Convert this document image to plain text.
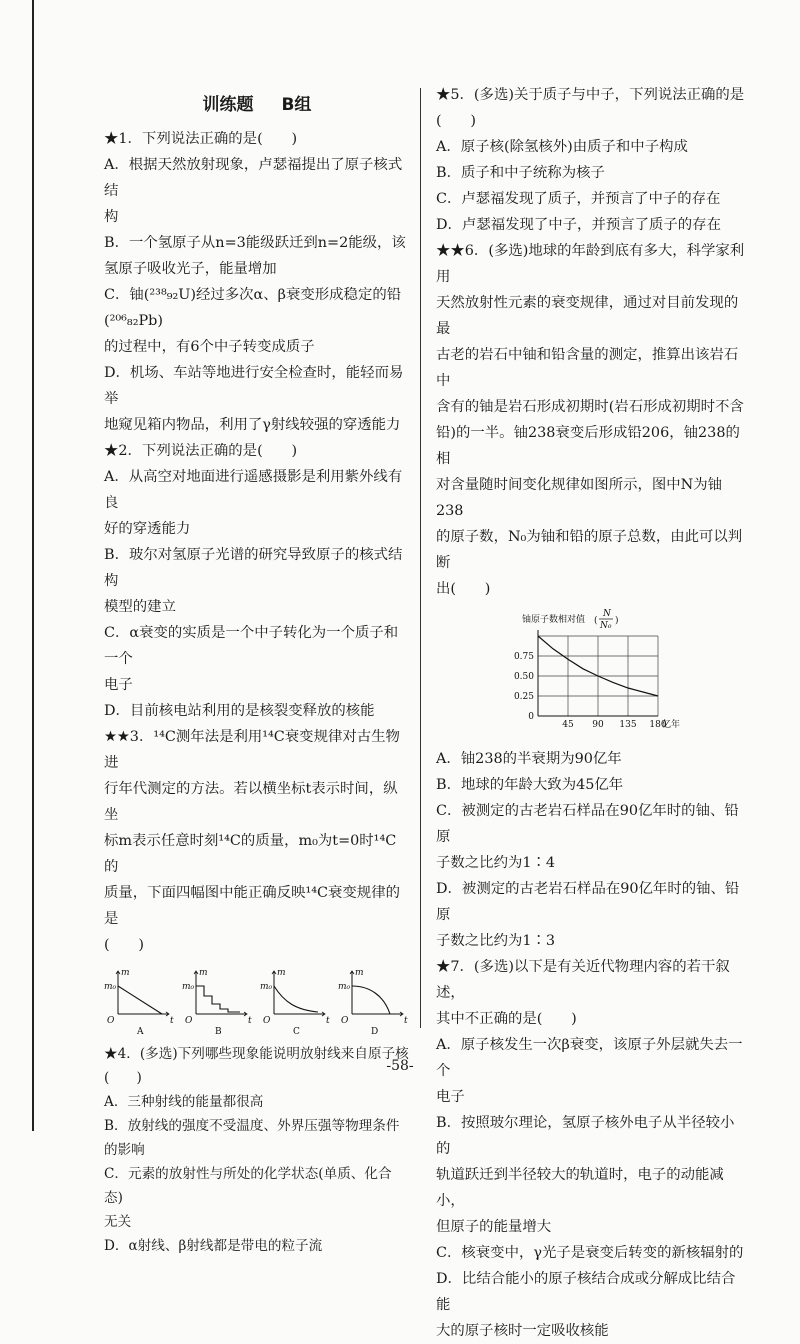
训练题 B组

★1．下列说法正确的是(　　)

A．根据天然放射现象，卢瑟福提出了原子核式结

构

B．一个氢原子从n=3能级跃迁到n=2能级，该

氢原子吸收光子，能量增加

C．铀(²³⁸₉₂U)经过多次α、β衰变形成稳定的铅(²⁰⁶₈₂Pb)

的过程中，有6个中子转变成质子

D．机场、车站等地进行安全检查时，能轻而易举

地窥见箱内物品，利用了γ射线较强的穿透能力

★2．下列说法正确的是(　　)

A．从高空对地面进行遥感摄影是利用紫外线有良

好的穿透能力

B．玻尔对氢原子光谱的研究导致原子的核式结构

模型的建立

C．α衰变的实质是一个中子转化为一个质子和一个

电子

D．目前核电站利用的是核裂变释放的核能

★★3．¹⁴C测年法是利用¹⁴C衰变规律对古生物进

行年代测定的方法。若以横坐标t表示时间，纵坐

标m表示任意时刻¹⁴C的质量，m₀为t=0时¹⁴C的

质量，下面四幅图中能正确反映¹⁴C衰变规律的是

(　　)

m
m₀
O	t
A
m
m₀
O	t
B
m
m₀
O	t
C
m
m₀
O	t
D

★4．(多选)下列哪些现象能说明放射线来自原子核

(　　)

A．三种射线的能量都很高

B．放射线的强度不受温度、外界压强等物理条件

的影响

C．元素的放射性与所处的化学状态(单质、化合态)

无关

D．α射线、β射线都是带电的粒子流

★5．(多选)关于质子与中子，下列说法正确的是

(　　)

A．原子核(除氢核外)由质子和中子构成

B．质子和中子统称为核子

C．卢瑟福发现了质子，并预言了中子的存在

D．卢瑟福发现了中子，并预言了质子的存在

★★6．(多选)地球的年龄到底有多大，科学家利用

天然放射性元素的衰变规律，通过对目前发现的最

古老的岩石中铀和铅含量的测定，推算出该岩石中

含有的铀是岩石形成初期时(岩石形成初期时不含

铅)的一半。铀238衰变后形成铅206，铀238的相

对含量随时间变化规律如图所示，图中N为铀238

的原子数，N₀为铀和铅的原子总数，由此可以判断

出(　　)

45 90 135 180
0
0.25
0.50
0.75
亿年
铀原子数相对值 (
N
N₀ )

A．铀238的半衰期为90亿年

B．地球的年龄大致为45亿年

C．被测定的古老岩石样品在90亿年时的铀、铅原

子数之比约为1∶4

D．被测定的古老岩石样品在90亿年时的铀、铅原

子数之比约为1∶3

★7．(多选)以下是有关近代物理内容的若干叙述，

其中不正确的是(　　)

A．原子核发生一次β衰变，该原子外层就失去一个

电子

B．按照玻尔理论，氢原子核外电子从半径较小的

轨道跃迁到半径较大的轨道时，电子的动能减小，

但原子的能量增大

C．核衰变中，γ光子是衰变后转变的新核辐射的

D．比结合能小的原子核结合成或分解成比结合能

大的原子核时一定吸收核能

-58-
